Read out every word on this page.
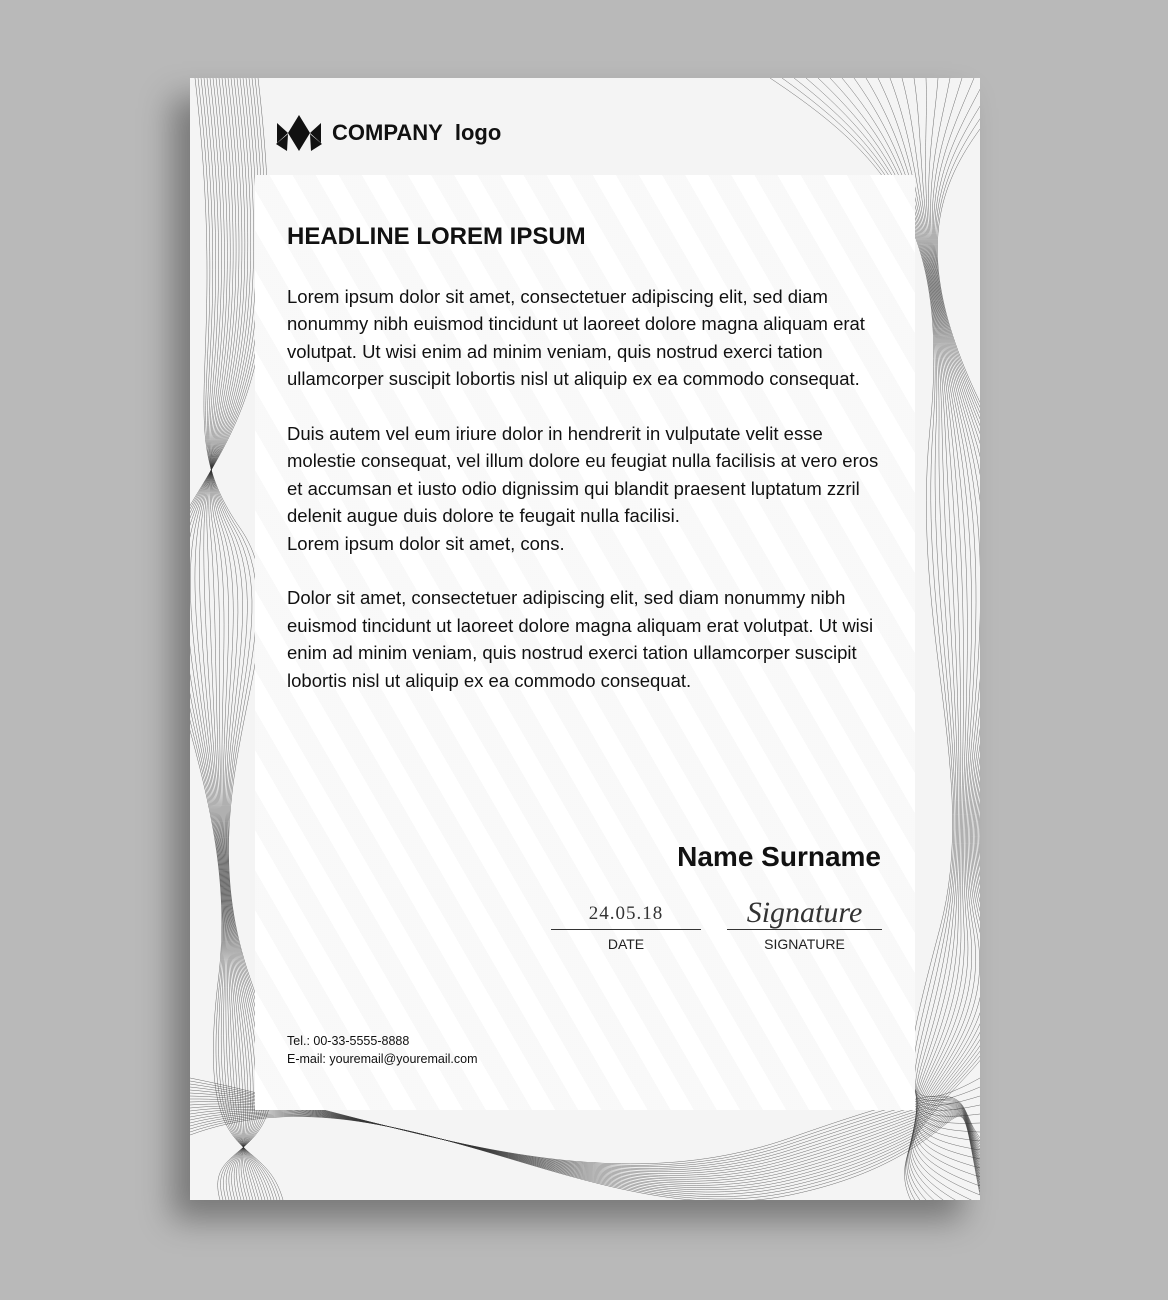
COMPANY logo
HEADLINE LOREM IPSUM

Lorem ipsum dolor sit amet, consectetuer adipiscing elit, sed diam nonummy nibh euismod tincidunt ut laoreet dolore magna aliquam erat volutpat. Ut wisi enim ad minim veniam, quis nostrud exerci tation ullamcorper suscipit lobortis nisl ut aliquip ex ea commodo consequat.

Duis autem vel eum iriure dolor in hendrerit in vulputate velit esse molestie consequat, vel illum dolore eu feugiat nulla facilisis at vero eros et accumsan et iusto odio dignissim qui blandit praesent luptatum zzril delenit augue duis dolore te feugait nulla facilisi.

Lorem ipsum dolor sit amet, cons.

Dolor sit amet, consectetuer adipiscing elit, sed diam nonummy nibh euismod tincidunt ut laoreet dolore magna aliquam erat volutpat. Ut wisi enim ad minim veniam, quis nostrud exerci tation ullamcorper suscipit lobortis nisl ut aliquip ex ea commodo consequat.

Name Surname
24.05.18
DATE
Signature
SIGNATURE
Tel.: 00-33-5555-8888
E-mail: youremail@youremail.com
